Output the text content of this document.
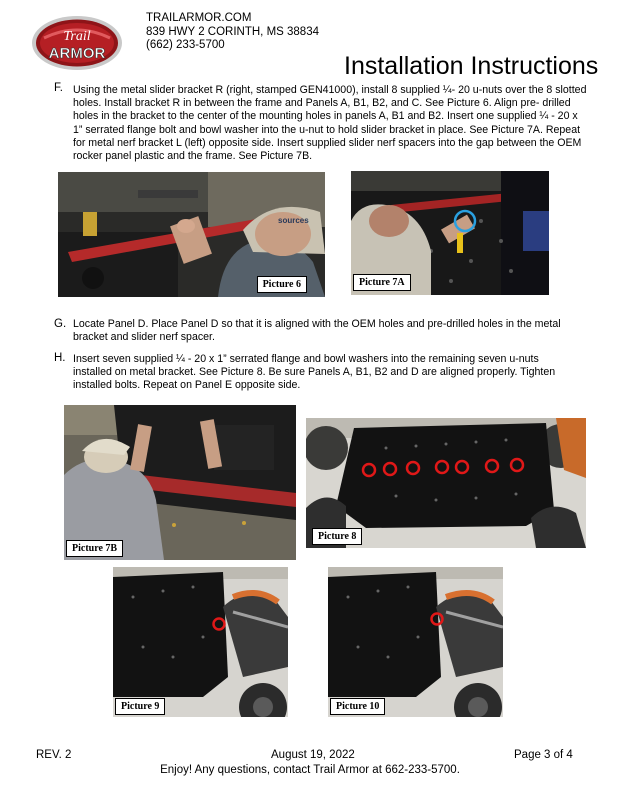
Trail
ARMOR
TRAILARMOR.COM
839 HWY 2 CORINTH, MS 38834
(662) 233-5700
Installation Instructions
F. Using the metal slider bracket R (right, stamped GEN41000), install 8 supplied ¼- 20 u-nuts over the 8 slotted holes. Install bracket R in between the frame and Panels A, B1, B2, and C. See Picture 6. Align pre- drilled holes in the bracket to the center of the mounting holes in panels A, B1 and B2. Insert one supplied ¼ - 20 x 1” serrated flange bolt and bowl washer into the u-nut to hold slider bracket in place. See Picture 7A. Repeat for metal nerf bracket L (left) opposite side. Insert supplied slider nerf spacers into the gap between the OEM rocker panel plastic and the frame. See Picture 7B.
sources
Picture 6	Picture 7A
G. Locate Panel D. Place Panel D so that it is aligned with the OEM holes and pre-drilled holes in the metal bracket and slider nerf spacer.
H. Insert seven supplied ¼ - 20 x 1” serrated flange and bowl washers into the remaining seven u-nuts installed on metal bracket. See Picture 8. Be sure Panels A, B1, B2 and D are aligned properly. Tighten installed bolts. Repeat on Panel E opposite side.
Picture 7B
Picture 8
Picture 9	Picture 10
REV. 2	August 19, 2022	Page 3 of 4
Enjoy! Any questions, contact Trail Armor at 662-233-5700.
